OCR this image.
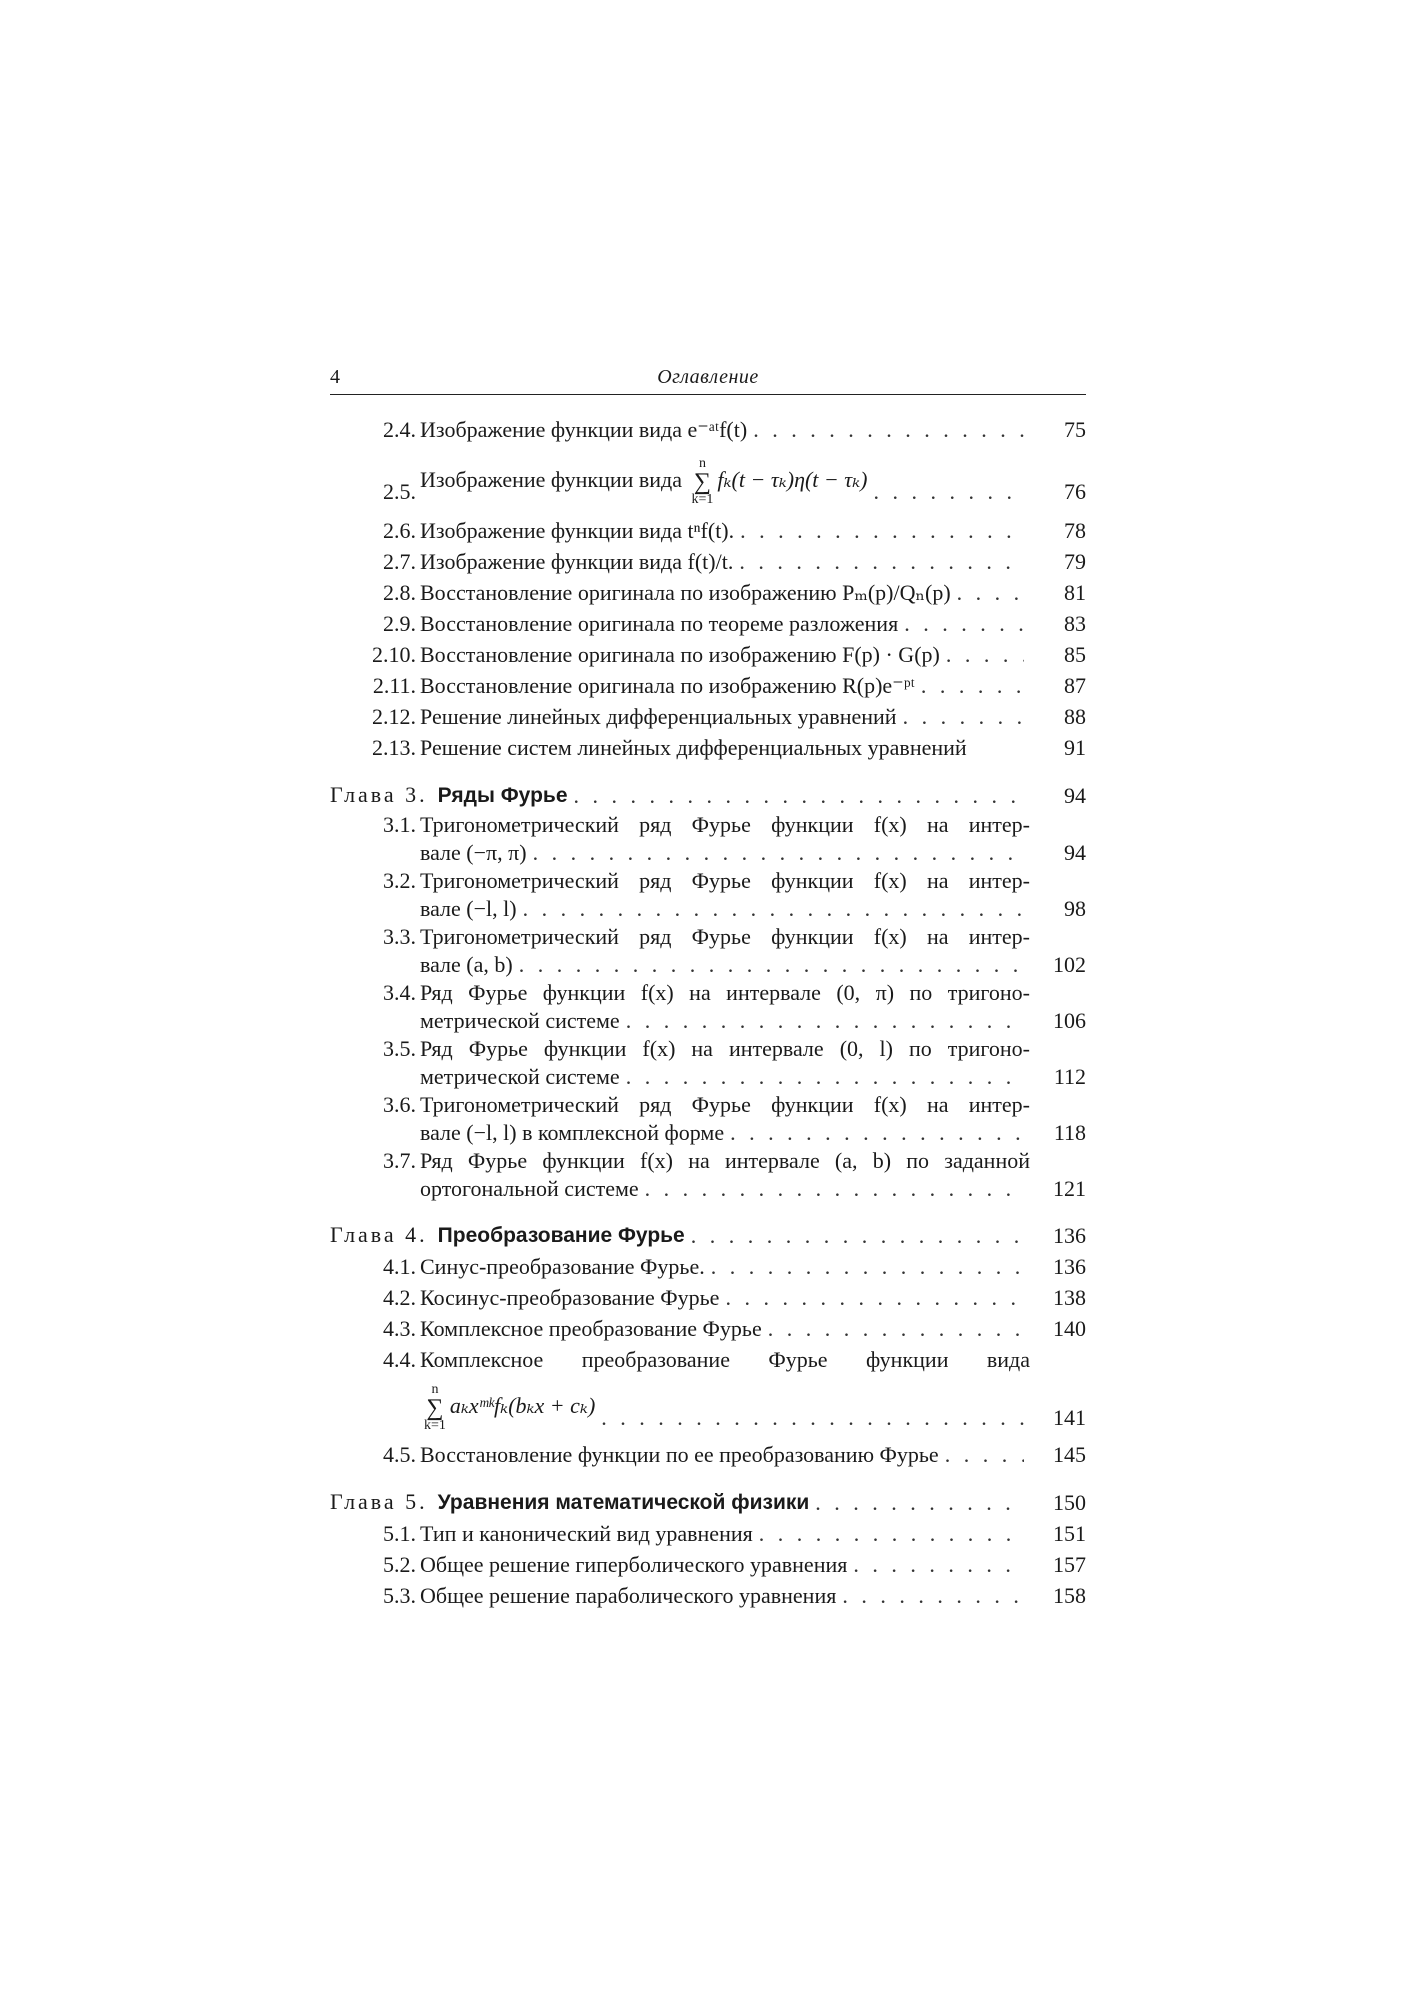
4	Оглавление
2.4. Изображение функции вида e⁻ᵃᵗf(t) . . .	75
2.5. Изображение функции вида
n
∑
k=1
fₖ(t − τₖ)η(t − τₖ) . . .	76
2.6. Изображение функции вида tⁿf(t). . . .	78
2.7. Изображение функции вида f(t)/t. . . .	79
2.8. Восстановление оригинала по изображению Pₘ(p)/Qₙ(p) . . .	81
2.9. Восстановление оригинала по теореме разложения . . .	83
2.10. Восстановление оригинала по изображению F(p) · G(p) . . .	85
2.11. Восстановление оригинала по изображению R(p)e⁻ᵖᵗ . . .	87
2.12. Решение линейных дифференциальных уравнений . . .	88
2.13. Решение систем линейных дифференциальных уравнений	91
Глава 3. Ряды Фурье . . .	94
3.1. Тригонометрический ряд Фурье функции f(x) на интер-
вале (−π, π) . . .	94
3.2. Тригонометрический ряд Фурье функции f(x) на интер-
вале (−l, l) . . .	98
3.3. Тригонометрический ряд Фурье функции f(x) на интер-
вале (a, b) . . .	102
3.4. Ряд Фурье функции f(x) на интервале (0, π) по тригоно-
метрической системе . . .	106
3.5. Ряд Фурье функции f(x) на интервале (0, l) по тригоно-
метрической системе . . .	112
3.6. Тригонометрический ряд Фурье функции f(x) на интер-
вале (−l, l) в комплексной форме . . .	118
3.7. Ряд Фурье функции f(x) на интервале (a, b) по заданной
ортогональной системе . . .	121
Глава 4. Преобразование Фурье . . .	136
4.1. Синус-преобразование Фурье. . . .	136
4.2. Косинус-преобразование Фурье . . .	138
4.3. Комплексное преобразование Фурье . . .	140
4.4. Комплексное преобразование Фурье функции вида
n
∑
k=1
aₖxᵐᵏfₖ(bₖx + cₖ) . . .	141
4.5. Восстановление функции по ее преобразованию Фурье . . .	145
Глава 5. Уравнения математической физики . . .	150
5.1. Тип и канонический вид уравнения . . .	151
5.2. Общее решение гиперболического уравнения . . .	157
5.3. Общее решение параболического уравнения . . .	158
